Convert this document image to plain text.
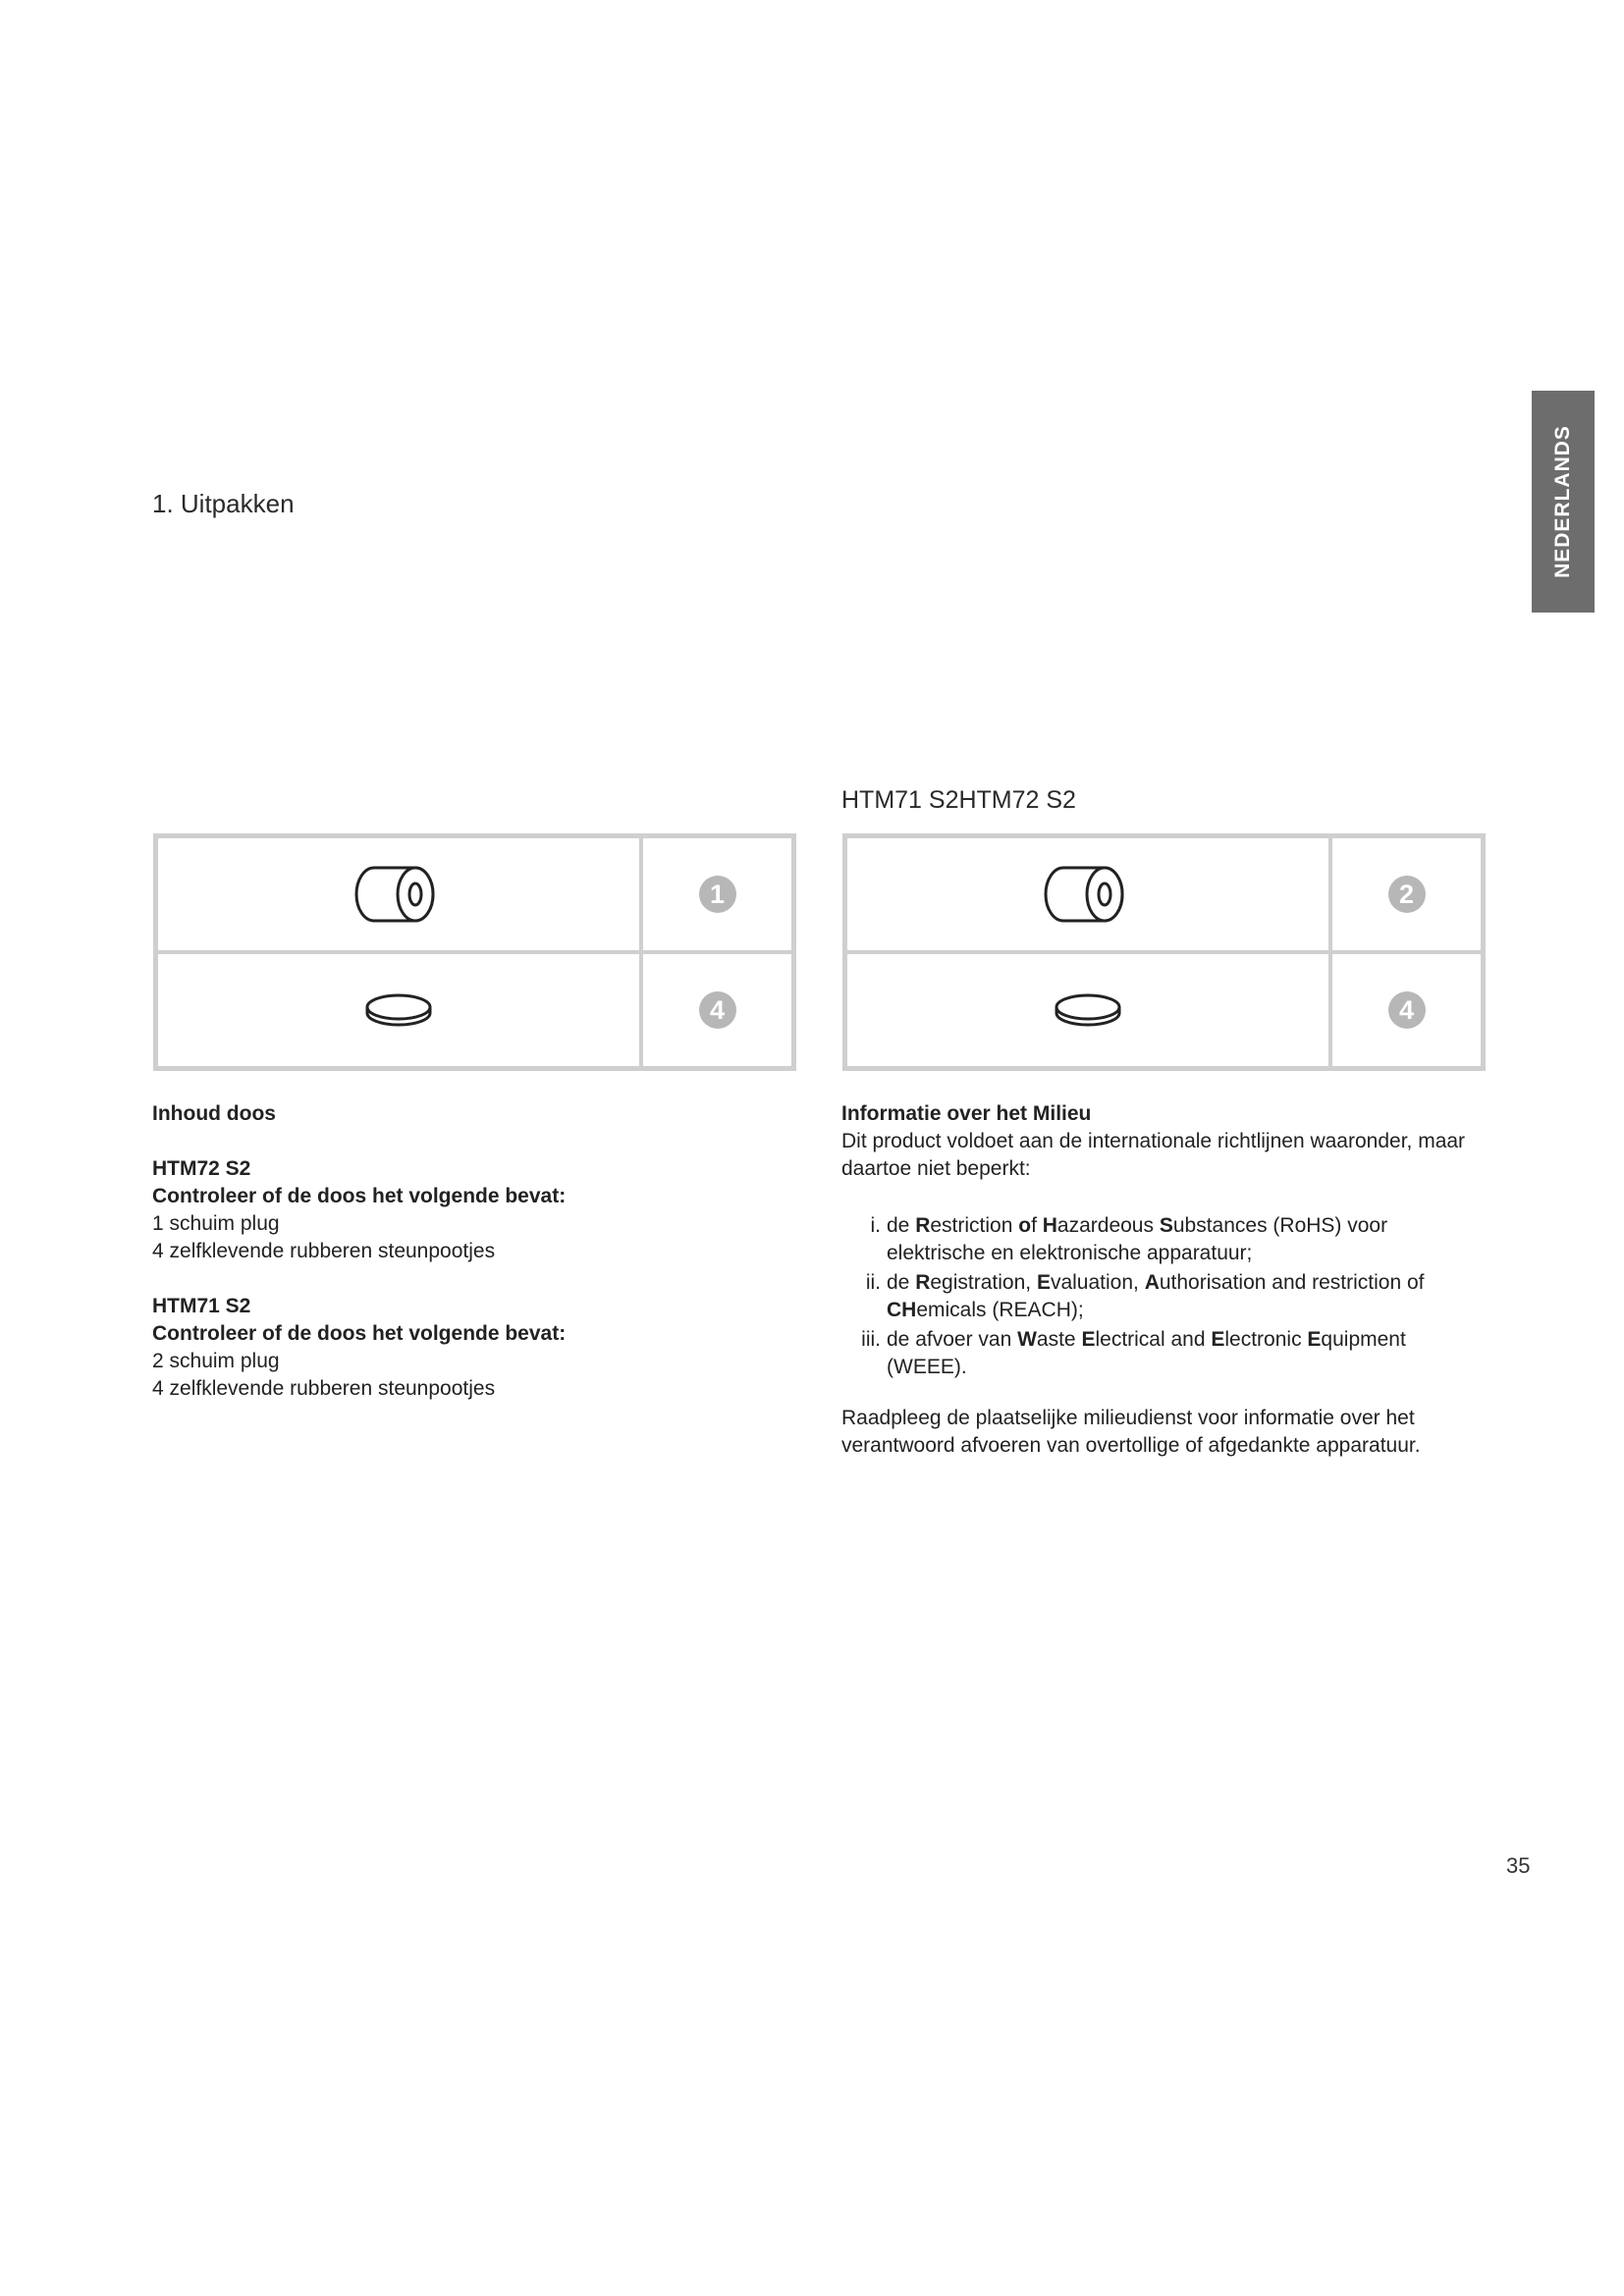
NEDERLANDS
1. Uitpakken
HTM71 S2HTM72 S2
1
4
2
4

Inhoud doos

HTM72 S2

Controleer of de doos het volgende bevat:

1 schuim plug

4 zelfklevende rubberen steunpootjes

HTM71 S2

Controleer of de doos het volgende bevat:

2 schuim plug

4 zelfklevende rubberen steunpootjes

Informatie over het Milieu

Dit product voldoet aan de internationale richtlijnen waaronder, maar daartoe niet beperkt:

i. de Restriction of Hazardeous Substances (RoHS) voor elektrische en elektronische apparatuur;
ii. de Registration, Evaluation, Authorisation and restriction of CHemicals (REACH);
iii. de afvoer van Waste Electrical and Electronic Equipment (WEEE).

Raadpleeg de plaatselijke milieudienst voor informatie over het verantwoord afvoeren van overtollige of afgedankte apparatuur.

35
